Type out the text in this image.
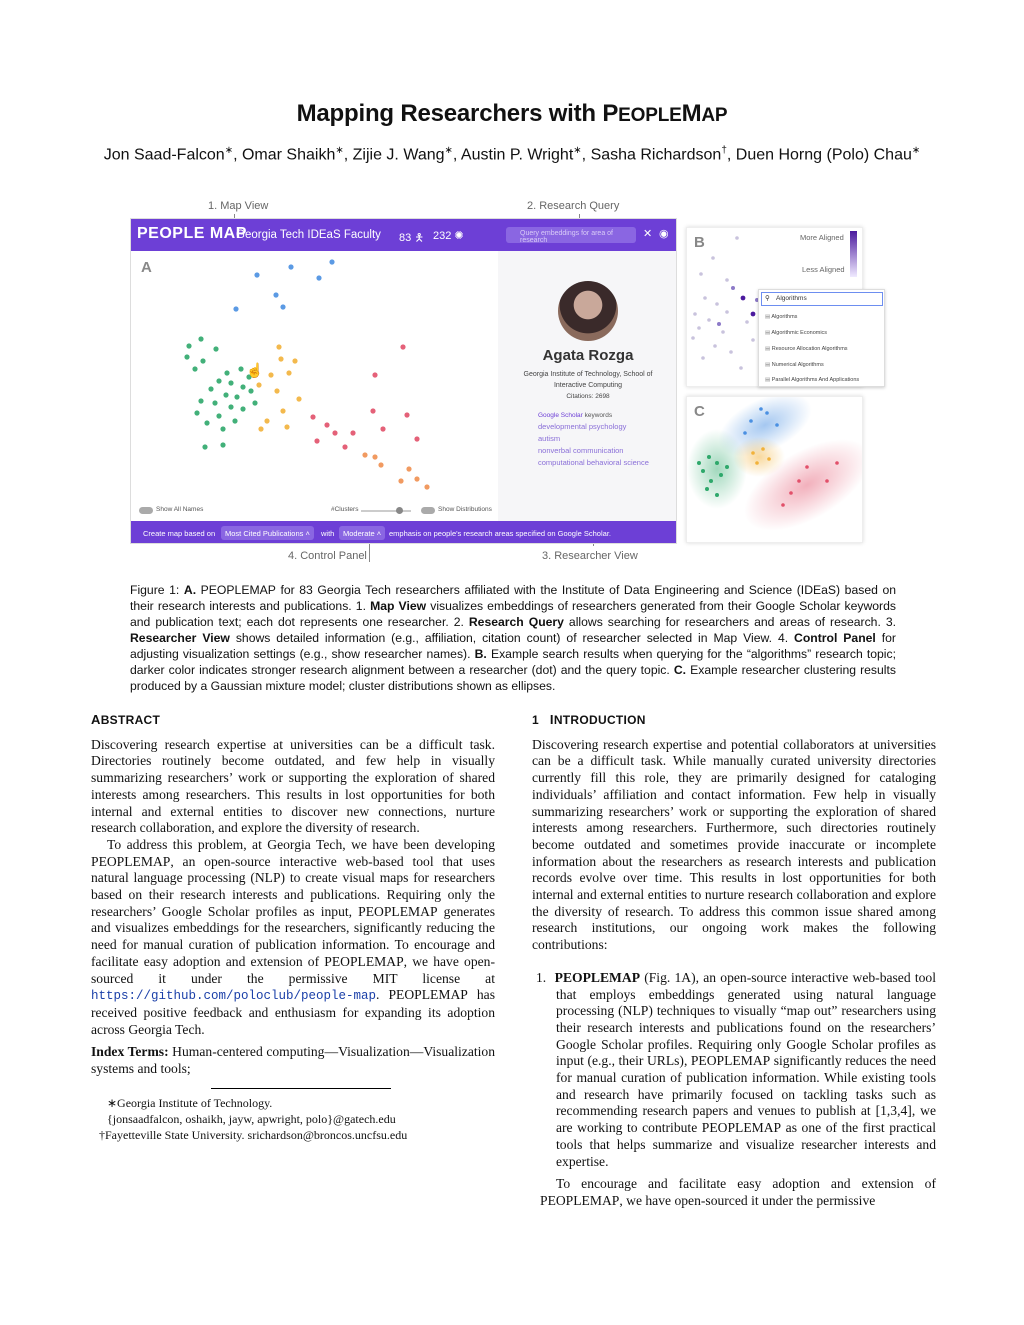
Mapping Researchers with PEOPLEMAP
Jon Saad-Falcon∗, Omar Shaikh∗, Zijie J. Wang∗, Austin P. Wright∗, Sasha Richardson†, Duen Horng (Polo) Chau∗
1. Map View	2. Research Query
4. Control Panel	3. Researcher View
PEOPLE MAP
Georgia Tech IDEaS Faculty 83 🯅 232 ✺	Query embeddings for area of research
✕ ◉
A
☝
Show All Names	#Clusters	Show Distributions
Agata Rozga
Georgia Institute of Technology, School of Interactive Computing
Citations: 2698
Google Scholar keywords
developmental psychology
autism
nonverbal communication
computational behavioral science
Create map based on	Most Cited Publications ˄	with	Moderate ˄	emphasis on people's research areas specified on Google Scholar.
B	More Aligned
Less Aligned
⚲ Algorithms
▤ Algorithms
▤ Algorithmic Economics
▤ Resource Allocation Algorithms
▤ Numerical Algorithms
▤ Parallel Algorithms And Applications
C
Figure 1: A. PEOPLEMAP for 83 Georgia Tech researchers affiliated with the Institute of Data Engineering and Science (IDEaS) based on their research interests and publications. 1. Map View visualizes embeddings of researchers generated from their Google Scholar keywords and publication text; each dot represents one researcher. 2. Research Query allows searching for researchers and areas of research. 3. Researcher View shows detailed information (e.g., affiliation, citation count) of researcher selected in Map View. 4. Control Panel for adjusting visualization settings (e.g., show researcher names). B. Example search results when querying for the “algorithms” research topic; darker color indicates stronger research alignment between a researcher (dot) and the query topic. C. Example researcher clustering results produced by a Gaussian mixture model; cluster distributions shown as ellipses.
ABSTRACT

Discovering research expertise at universities can be a difficult task. Directories routinely become outdated, and few help in visually summarizing researchers’ work or supporting the exploration of shared interests among researchers. This results in lost opportunities for both internal and external entities to discover new connections, nurture research collaboration, and explore the diversity of research.

To address this problem, at Georgia Tech, we have been developing PEOPLEMAP, an open-source interactive web-based tool that uses natural language processing (NLP) to create visual maps for researchers based on their research interests and publications. Requiring only the researchers’ Google Scholar profiles as input, PEOPLEMAP generates and visualizes embeddings for the researchers, significantly reducing the need for manual curation of publication information. To encourage and facilitate easy adoption and extension of PEOPLEMAP, we have open-sourced it under the permissive MIT license at https://github.com/poloclub/people-map. PEOPLEMAP has received positive feedback and enthusiasm for expanding its adoption across Georgia Tech.

Index Terms: Human-centered computing—Visualization—Visualization systems and tools;

∗Georgia Institute of Technology.
{jonsaadfalcon, oshaikh, jayw, apwright, polo}@gatech.edu
†Fayetteville State University. srichardson@broncos.uncfsu.edu
1 INTRODUCTION

Discovering research expertise and potential collaborators at universities can be a difficult task. While manually curated university directories currently fill this role, they are primarily designed for cataloging individuals’ affiliation and contact information. Few help in visually summarizing researchers’ work or supporting the exploration of shared interests among researchers. Furthermore, such directories routinely become outdated and sometimes provide inaccurate or incomplete information about the researchers as research interests and publication records evolve over time. This results in lost opportunities for both internal and external entities to nurture research collaboration and explore the diversity of research. To address this common issue shared among research institutions, our ongoing work makes the following contributions:

1. PEOPLEMAP (Fig. 1A), an open-source interactive web-based tool that employs embeddings generated using natural language processing (NLP) techniques to visually “map out” researchers using their research interests and publications found on the researchers’ Google Scholar profiles. Requiring only Google Scholar profiles as input (e.g., their URLs), PEOPLEMAP significantly reduces the need for manual curation of publication information. While existing tools and research have primarily focused on tackling tasks such as recommending research papers and venues to publish at [1,3,4], we are working to contribute PEOPLEMAP as one of the first practical tools that helps summarize and visualize researcher interests and expertise.

To encourage and facilitate easy adoption and extension of PEOPLEMAP, we have open-sourced it under the permissive
